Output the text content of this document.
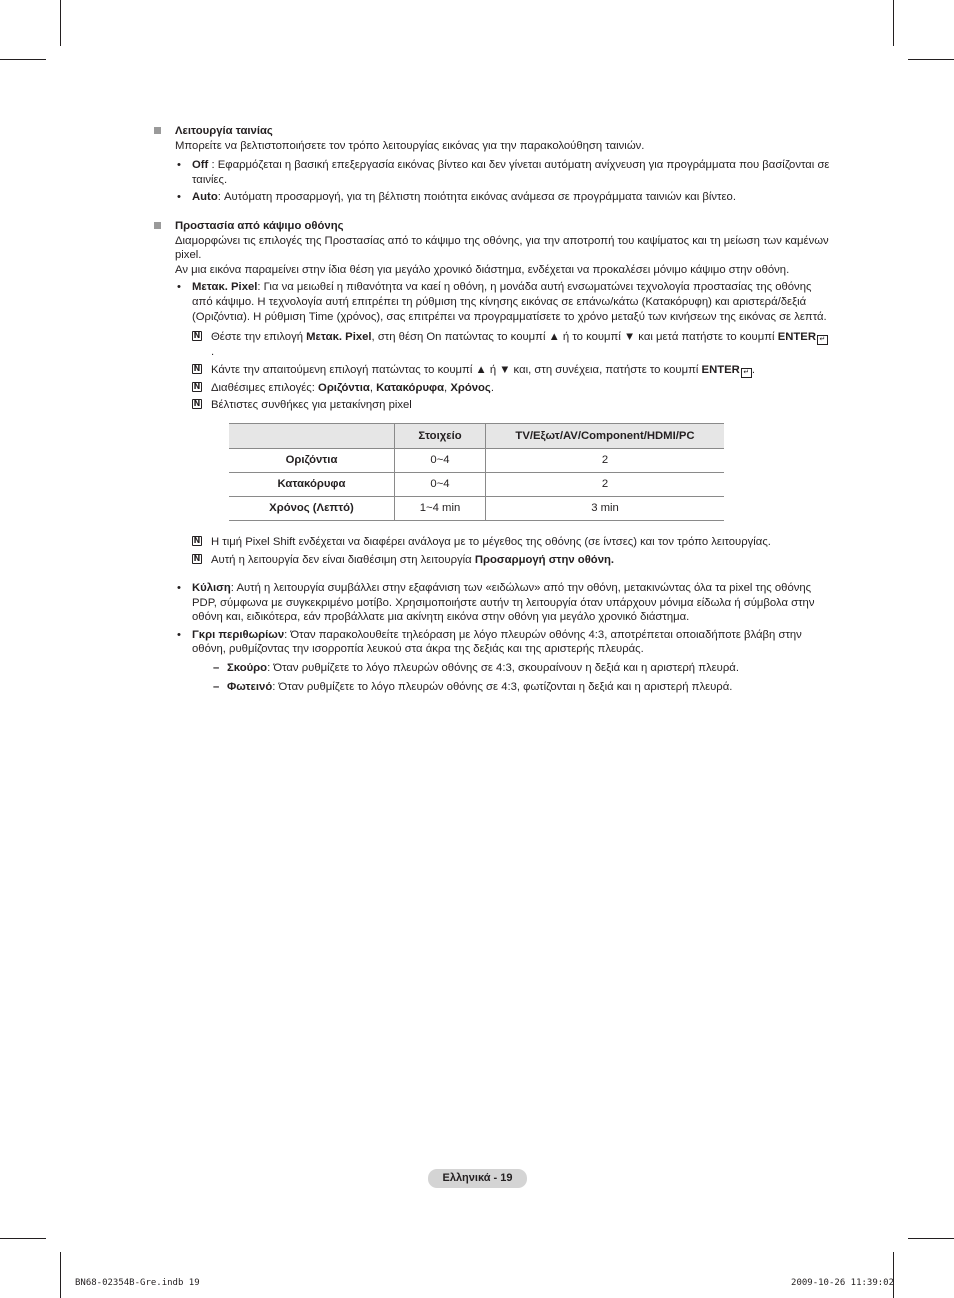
Λειτουργία ταινίας

Μπορείτε να βελτιστοποιήσετε τον τρόπο λειτουργίας εικόνας για την παρακολούθηση ταινιών.

• Off : Εφαρμόζεται η βασική επεξεργασία εικόνας βίντεο και δεν γίνεται αυτόματη ανίχνευση για προγράμματα που βασίζονται σε ταινίες.
• Auto: Αυτόματη προσαρμογή, για τη βέλτιστη ποιότητα εικόνας ανάμεσα σε προγράμματα ταινιών και βίντεο.

Προστασία από κάψιμο οθόνης

Διαμορφώνει τις επιλογές της Προστασίας από το κάψιμο της οθόνης, για την αποτροπή του καψίματος και τη μείωση των καμένων pixel.

Αν μια εικόνα παραμείνει στην ίδια θέση για μεγάλο χρονικό διάστημα, ενδέχεται να προκαλέσει μόνιμο κάψιμο στην οθόνη.

• Μετακ. Pixel: Για να μειωθεί η πιθανότητα να καεί η οθόνη, η μονάδα αυτή ενσωματώνει τεχνολογία προστασίας της οθόνης από κάψιμο. Η τεχνολογία αυτή επιτρέπει τη ρύθμιση της κίνησης εικόνας σε επάνω/κάτω (Κατακόρυφη) και αριστερά/δεξιά (Οριζόντια). Η ρύθμιση Time (χρόνος), σας επιτρέπει να προγραμματίσετε το χρόνο μεταξύ των κινήσεων της εικόνας σε λεπτά.
N Θέστε την επιλογή Μετακ. Pixel, στη θέση On πατώντας το κουμπί ▲ ή το κουμπί ▼ και μετά πατήστε το κουμπί ENTER ↵.
N Κάντε την απαιτούμενη επιλογή πατώντας το κουμπί ▲ ή ▼ και, στη συνέχεια, πατήστε το κουμπί ENTER ↵ .
N Διαθέσιμες επιλογές: Οριζόντια, Κατακόρυφα, Χρόνος.
N Βέλτιστες συνθήκες για μετακίνηση pixel
	Στοιχείο	TV/Εξωτ/AV/Component/HDMI/PC
Οριζόντια	0~4	2
Κατακόρυφα	0~4	2
Χρόνος (Λεπτό)	1~4 min	3 min
N Η τιμή Pixel Shift ενδέχεται να διαφέρει ανάλογα με το μέγεθος της οθόνης (σε ίντσες) και τον τρόπο λειτουργίας.
N Αυτή η λειτουργία δεν είναι διαθέσιμη στη λειτουργία Προσαρμογή στην οθόνη.
• Κύλιση: Αυτή η λειτουργία συμβάλλει στην εξαφάνιση των «ειδώλων» από την οθόνη, μετακινώντας όλα τα pixel της οθόνης PDP, σύμφωνα με συγκεκριμένο μοτίβο. Χρησιμοποιήστε αυτήν τη λειτουργία όταν υπάρχουν μόνιμα είδωλα ή σύμβολα στην οθόνη και, ειδικότερα, εάν προβάλλατε μια ακίνητη εικόνα στην οθόνη για μεγάλο χρονικό διάστημα.
• Γκρι περιθωρίων: Όταν παρακολουθείτε τηλεόραση με λόγο πλευρών οθόνης 4:3, αποτρέπεται οποιαδήποτε βλάβη στην οθόνη, ρυθμίζοντας την ισορροπία λευκού στα άκρα της δεξιάς και της αριστερής πλευράς.
– Σκούρο: Όταν ρυθμίζετε το λόγο πλευρών οθόνης σε 4:3, σκουραίνουν η δεξιά και η αριστερή πλευρά.
– Φωτεινό: Όταν ρυθμίζετε το λόγο πλευρών οθόνης σε 4:3, φωτίζονται η δεξιά και η αριστερή πλευρά.
Ελληνικά - 19
BN68-02354B-Gre.indb 19	2009-10-26 11:39:02
